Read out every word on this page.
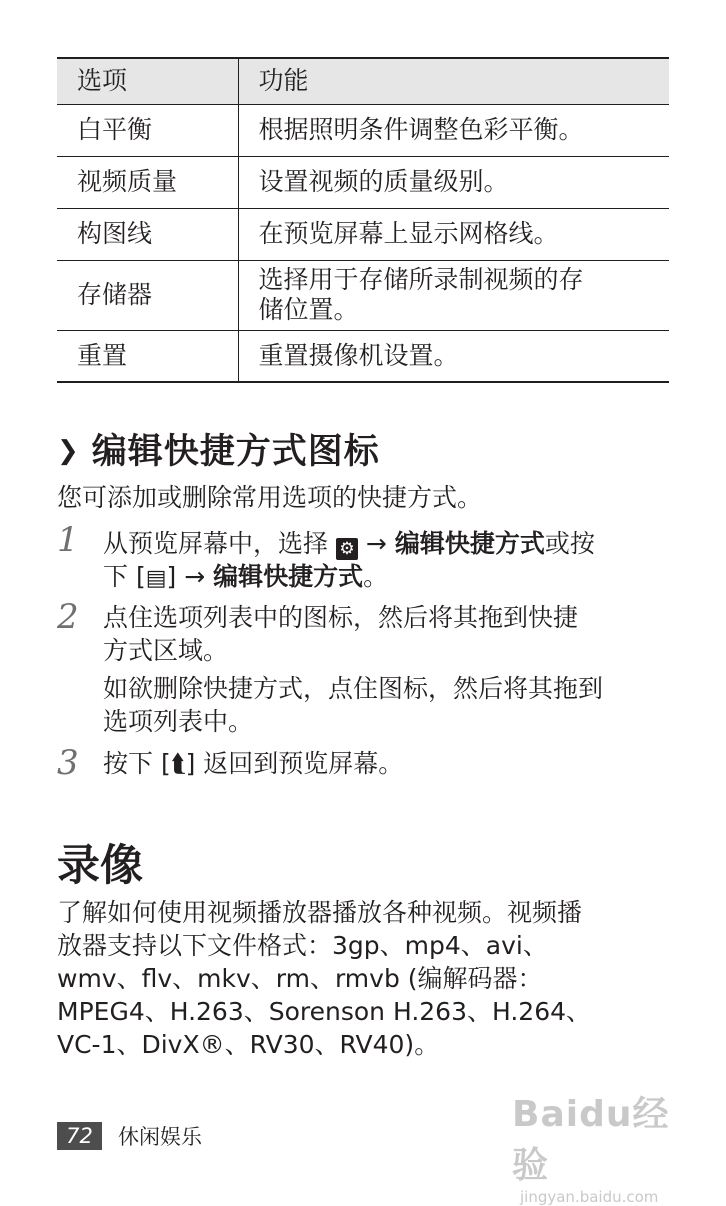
选项	功能
白平衡	根据照明条件调整色彩平衡。
视频质量	设置视频的质量级别。
构图线	在预览屏幕上显示网格线。
存储器	选择用于存储所录制视频的存
储位置。

重置	重置摄像机设置。
❯ 编辑快捷方式图标
您可添加或删除常用选项的快捷方式。
1 从预览屏幕中，选择 ⚙ → 编辑快捷方式或按
下 [▤] → 编辑快捷方式。
2 点住选项列表中的图标，然后将其拖到快捷
方式区域。
如欲删除快捷方式，点住图标，然后将其拖到
选项列表中。
3 按下 [⮬] 返回到预览屏幕。
录像
了解如何使用视频播放器播放各种视频。视频播
放器支持以下文件格式：3gp、mp4、avi、
wmv、flv、mkv、rm、rmvb (编解码器：
MPEG4、H.263、Sorenson H.263、H.264、
VC-1、DivX®、RV30、RV40)。
72	休闲娱乐
Baidu经验
jingyan.baidu.com
